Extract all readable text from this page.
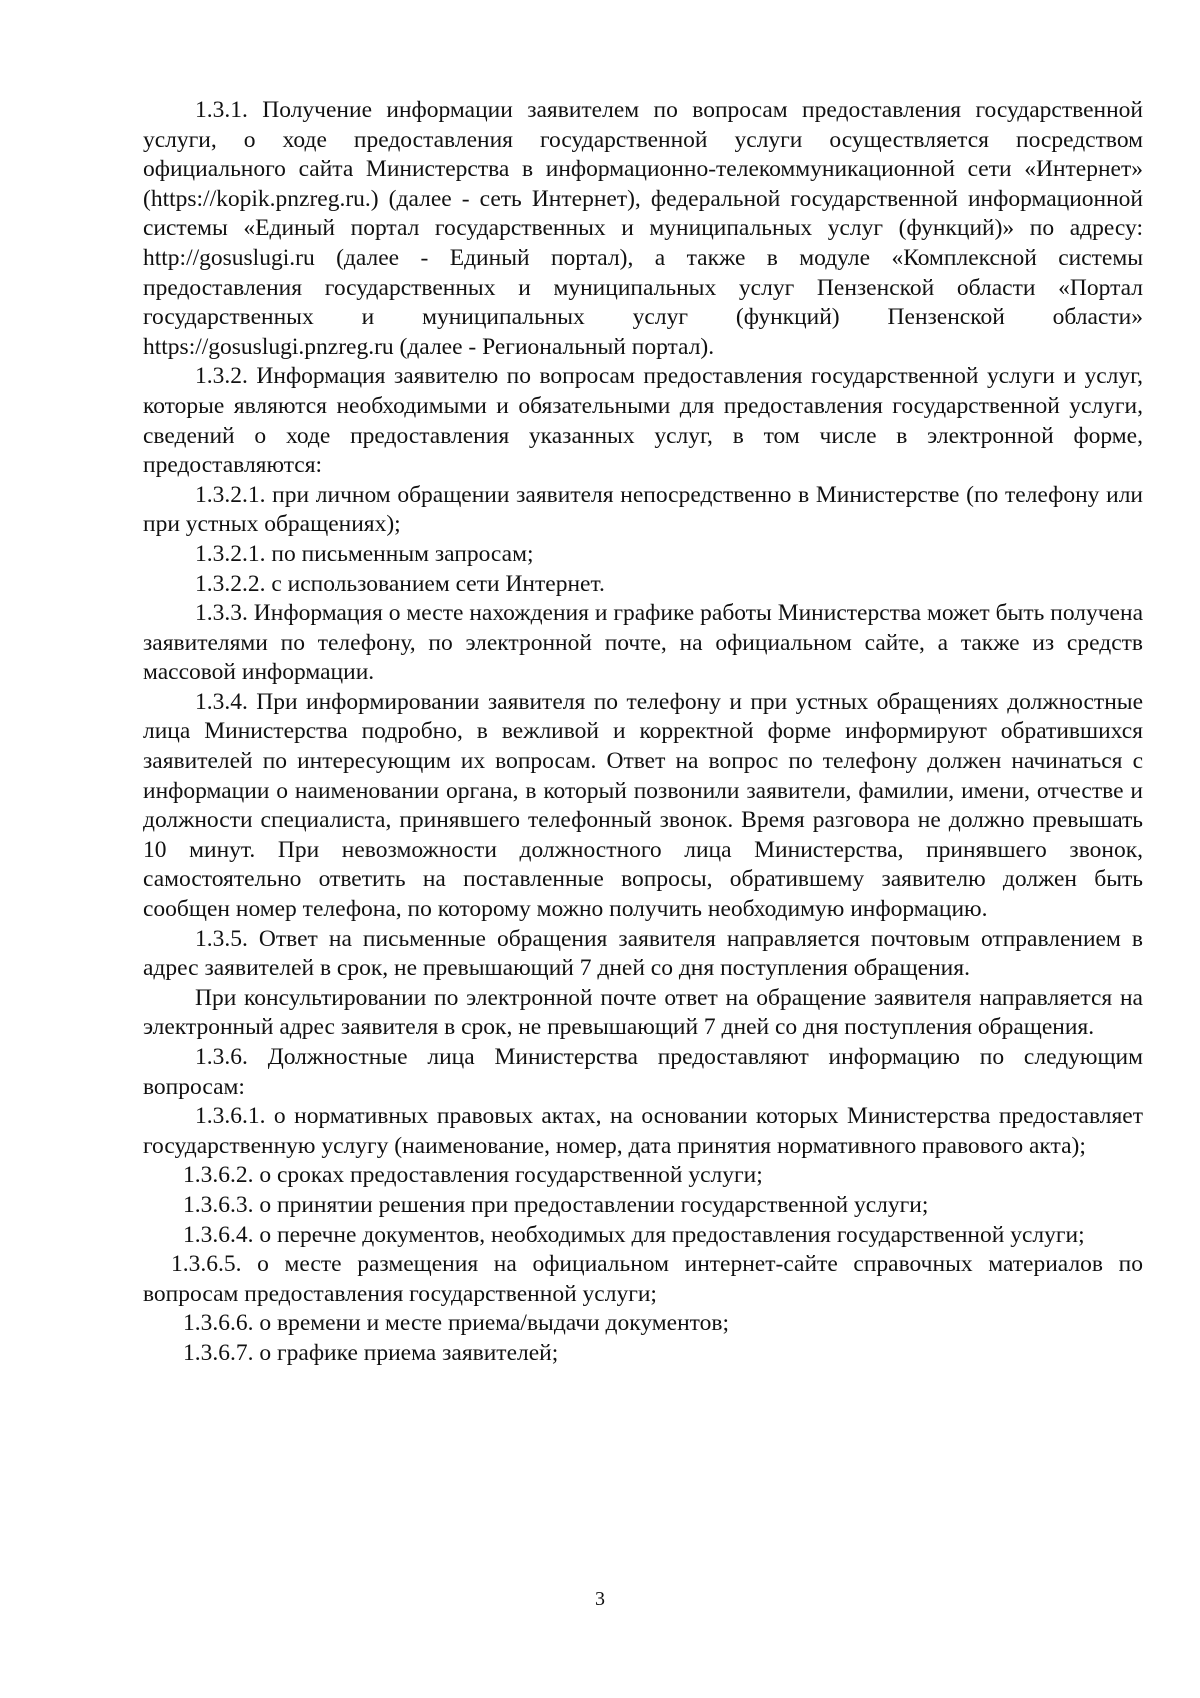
1.3.1. Получение информации заявителем по вопросам предоставления государственной услуги, о ходе предоставления государственной услуги осуществляется посредством официального сайта Министерства в информационно-телекоммуникационной сети «Интернет» (https://kopik.pnzreg.ru.) (далее - сеть Интернет), федеральной государственной информационной системы «Единый портал государственных и муниципальных услуг (функций)» по адресу: http://gosuslugi.ru (далее - Единый портал), а также в модуле «Комплексной системы предоставления государственных и муниципальных услуг Пензенской области «Портал государственных и муниципальных услуг (функций) Пензенской области» https://gosuslugi.pnzreg.ru (далее - Региональный портал).

1.3.2. Информация заявителю по вопросам предоставления государственной услуги и услуг, которые являются необходимыми и обязательными для предоставления государственной услуги, сведений о ходе предоставления указанных услуг, в том числе в электронной форме, предоставляются:

1.3.2.1. при личном обращении заявителя непосредственно в Министерстве (по телефону или при устных обращениях);

1.3.2.1. по письменным запросам;

1.3.2.2. с использованием сети Интернет.

1.3.3. Информация о месте нахождения и графике работы Министерства может быть получена заявителями по телефону, по электронной почте, на официальном сайте, а также из средств массовой информации.

1.3.4. При информировании заявителя по телефону и при устных обращениях должностные лица Министерства подробно, в вежливой и корректной форме информируют обратившихся заявителей по интересующим их вопросам. Ответ на вопрос по телефону должен начинаться с информации о наименовании органа, в который позвонили заявители, фамилии, имени, отчестве и должности специалиста, принявшего телефонный звонок. Время разговора не должно превышать 10 минут. При невозможности должностного лица Министерства, принявшего звонок, самостоятельно ответить на поставленные вопросы, обратившему заявителю должен быть сообщен номер телефона, по которому можно получить необходимую информацию.

1.3.5. Ответ на письменные обращения заявителя направляется почтовым отправлением в адрес заявителей в срок, не превышающий 7 дней со дня поступления обращения.

При консультировании по электронной почте ответ на обращение заявителя направляется на электронный адрес заявителя в срок, не превышающий 7 дней со дня поступления обращения.

1.3.6. Должностные лица Министерства предоставляют информацию по следующим вопросам:

1.3.6.1. о нормативных правовых актах, на основании которых Министерства предоставляет государственную услугу (наименование, номер, дата принятия нормативного правового акта);

1.3.6.2. о сроках предоставления государственной услуги;

1.3.6.3. о принятии решения при предоставлении государственной услуги;

1.3.6.4. о перечне документов, необходимых для предоставления государственной услуги;

1.3.6.5. о месте размещения на официальном интернет-сайте справочных материалов по вопросам предоставления государственной услуги;

1.3.6.6. о времени и месте приема/выдачи документов;

1.3.6.7. о графике приема заявителей;

3
